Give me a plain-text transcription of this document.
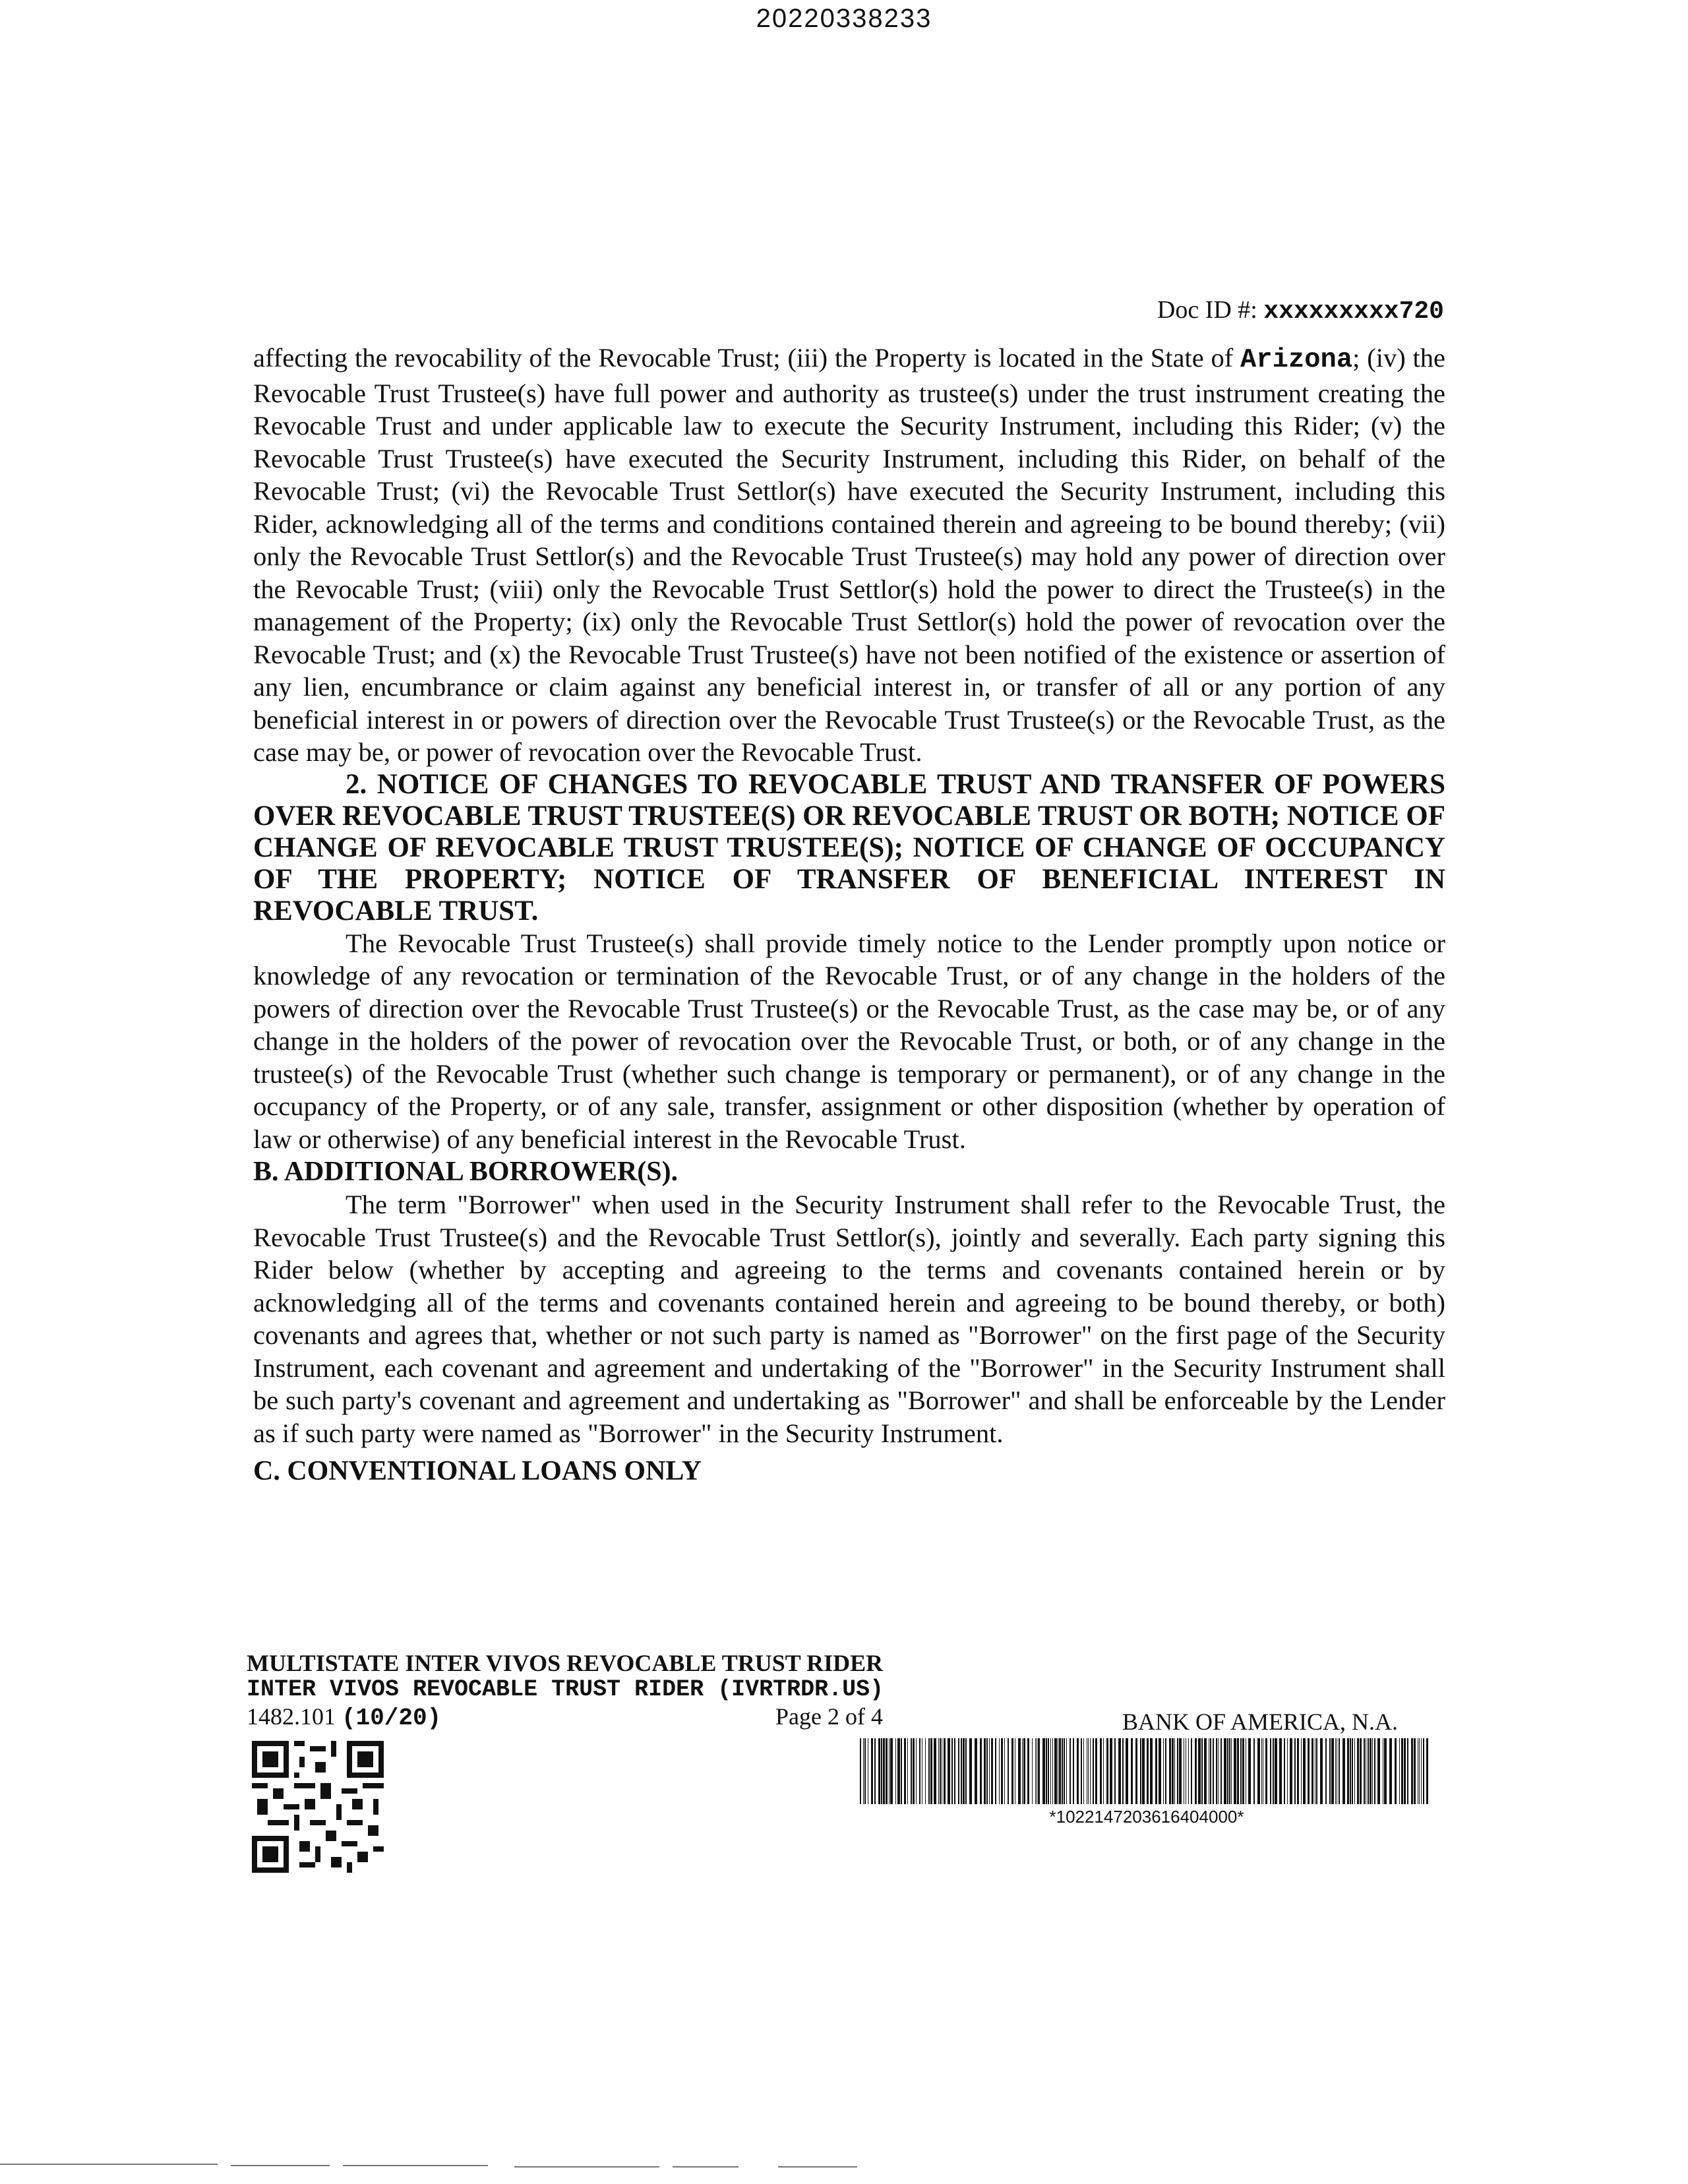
20220338233
Doc ID #: xxxxxxxxx720

affecting the revocability of the Revocable Trust; (iii) the Property is located in the State of Arizona; (iv) the Revocable Trust Trustee(s) have full power and authority as trustee(s) under the trust instrument creating the Revocable Trust and under applicable law to execute the Security Instrument, including this Rider; (v) the Revocable Trust Trustee(s) have executed the Security Instrument, including this Rider, on behalf of the Revocable Trust; (vi) the Revocable Trust Settlor(s) have executed the Security Instrument, including this Rider, acknowledging all of the terms and conditions contained therein and agreeing to be bound thereby; (vii) only the Revocable Trust Settlor(s) and the Revocable Trust Trustee(s) may hold any power of direction over the Revocable Trust; (viii) only the Revocable Trust Settlor(s) hold the power to direct the Trustee(s) in the management of the Property; (ix) only the Revocable Trust Settlor(s) hold the power of revocation over the Revocable Trust; and (x) the Revocable Trust Trustee(s) have not been notified of the existence or assertion of any lien, encumbrance or claim against any beneficial interest in, or transfer of all or any portion of any beneficial interest in or powers of direction over the Revocable Trust Trustee(s) or the Revocable Trust, as the case may be, or power of revocation over the Revocable Trust.

2. NOTICE OF CHANGES TO REVOCABLE TRUST AND TRANSFER OF POWERS OVER REVOCABLE TRUST TRUSTEE(S) OR REVOCABLE TRUST OR BOTH; NOTICE OF CHANGE OF REVOCABLE TRUST TRUSTEE(S); NOTICE OF CHANGE OF OCCUPANCY OF THE PROPERTY; NOTICE OF TRANSFER OF BENEFICIAL INTEREST IN REVOCABLE TRUST.

The Revocable Trust Trustee(s) shall provide timely notice to the Lender promptly upon notice or knowledge of any revocation or termination of the Revocable Trust, or of any change in the holders of the powers of direction over the Revocable Trust Trustee(s) or the Revocable Trust, as the case may be, or of any change in the holders of the power of revocation over the Revocable Trust, or both, or of any change in the trustee(s) of the Revocable Trust (whether such change is temporary or permanent), or of any change in the occupancy of the Property, or of any sale, transfer, assignment or other disposition (whether by operation of law or otherwise) of any beneficial interest in the Revocable Trust.

B. ADDITIONAL BORROWER(S).

The term "Borrower" when used in the Security Instrument shall refer to the Revocable Trust, the Revocable Trust Trustee(s) and the Revocable Trust Settlor(s), jointly and severally. Each party signing this Rider below (whether by accepting and agreeing to the terms and covenants contained herein or by acknowledging all of the terms and covenants contained herein and agreeing to be bound thereby, or both) covenants and agrees that, whether or not such party is named as "Borrower" on the first page of the Security Instrument, each covenant and agreement and undertaking of the "Borrower" in the Security Instrument shall be such party's covenant and agreement and undertaking as "Borrower" and shall be enforceable by the Lender as if such party were named as "Borrower" in the Security Instrument.

C. CONVENTIONAL LOANS ONLY

MULTISTATE INTER VIVOS REVOCABLE TRUST RIDER
INTER VIVOS REVOCABLE TRUST RIDER (IVRTRDR.US)
1482.101 (10/20)	Page 2 of 4	BANK OF AMERICA, N.A.
*1022147203616404000*
